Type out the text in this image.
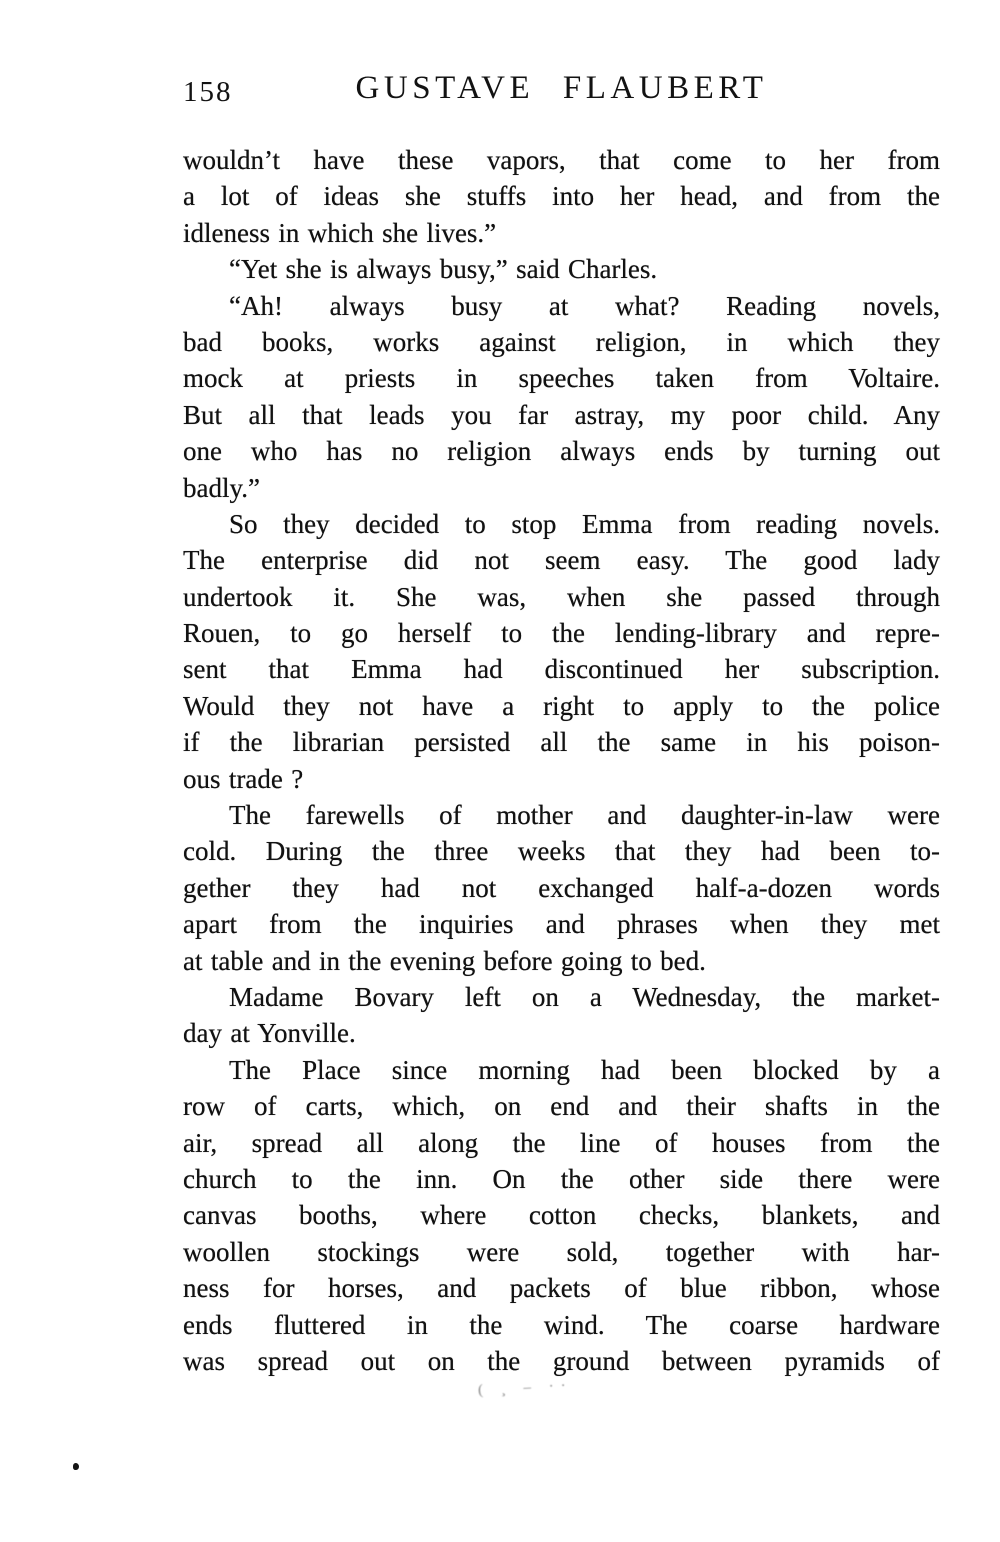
158	GUSTAVE FLAUBERT
wouldn’t have these vapors, that come to her from
a lot of ideas she stuffs into her head, and from the
idleness in which she lives.”
“Yet she is always busy,” said Charles.
“Ah! always busy at what? Reading novels,
bad books, works against religion, in which they
mock at priests in speeches taken from Voltaire.
But all that leads you far astray, my poor child. Any
one who has no religion always ends by turning out
badly.”
So they decided to stop Emma from reading novels.
The enterprise did not seem easy. The good lady
undertook it. She was, when she passed through
Rouen, to go herself to the lending-library and repre-
sent that Emma had discontinued her subscription.
Would they not have a right to apply to the police
if the librarian persisted all the same in his poison-
ous trade ?
The farewells of mother and daughter-in-law were
cold. During the three weeks that they had been to-
gether they had not exchanged half-a-dozen words
apart from the inquiries and phrases when they met
at table and in the evening before going to bed.
Madame Bovary left on a Wednesday, the market-
day at Yonville.
The Place since morning had been blocked by a
row of carts, which, on end and their shafts in the
air, spread all along the line of houses from the
church to the inn. On the other side there were
canvas booths, where cotton checks, blankets, and
woollen stockings were sold, together with har-
ness for horses, and packets of blue ribbon, whose
ends fluttered in the wind. The coarse hardware
was spread out on the ground between pyramids of
( ¸ ‒ ··
